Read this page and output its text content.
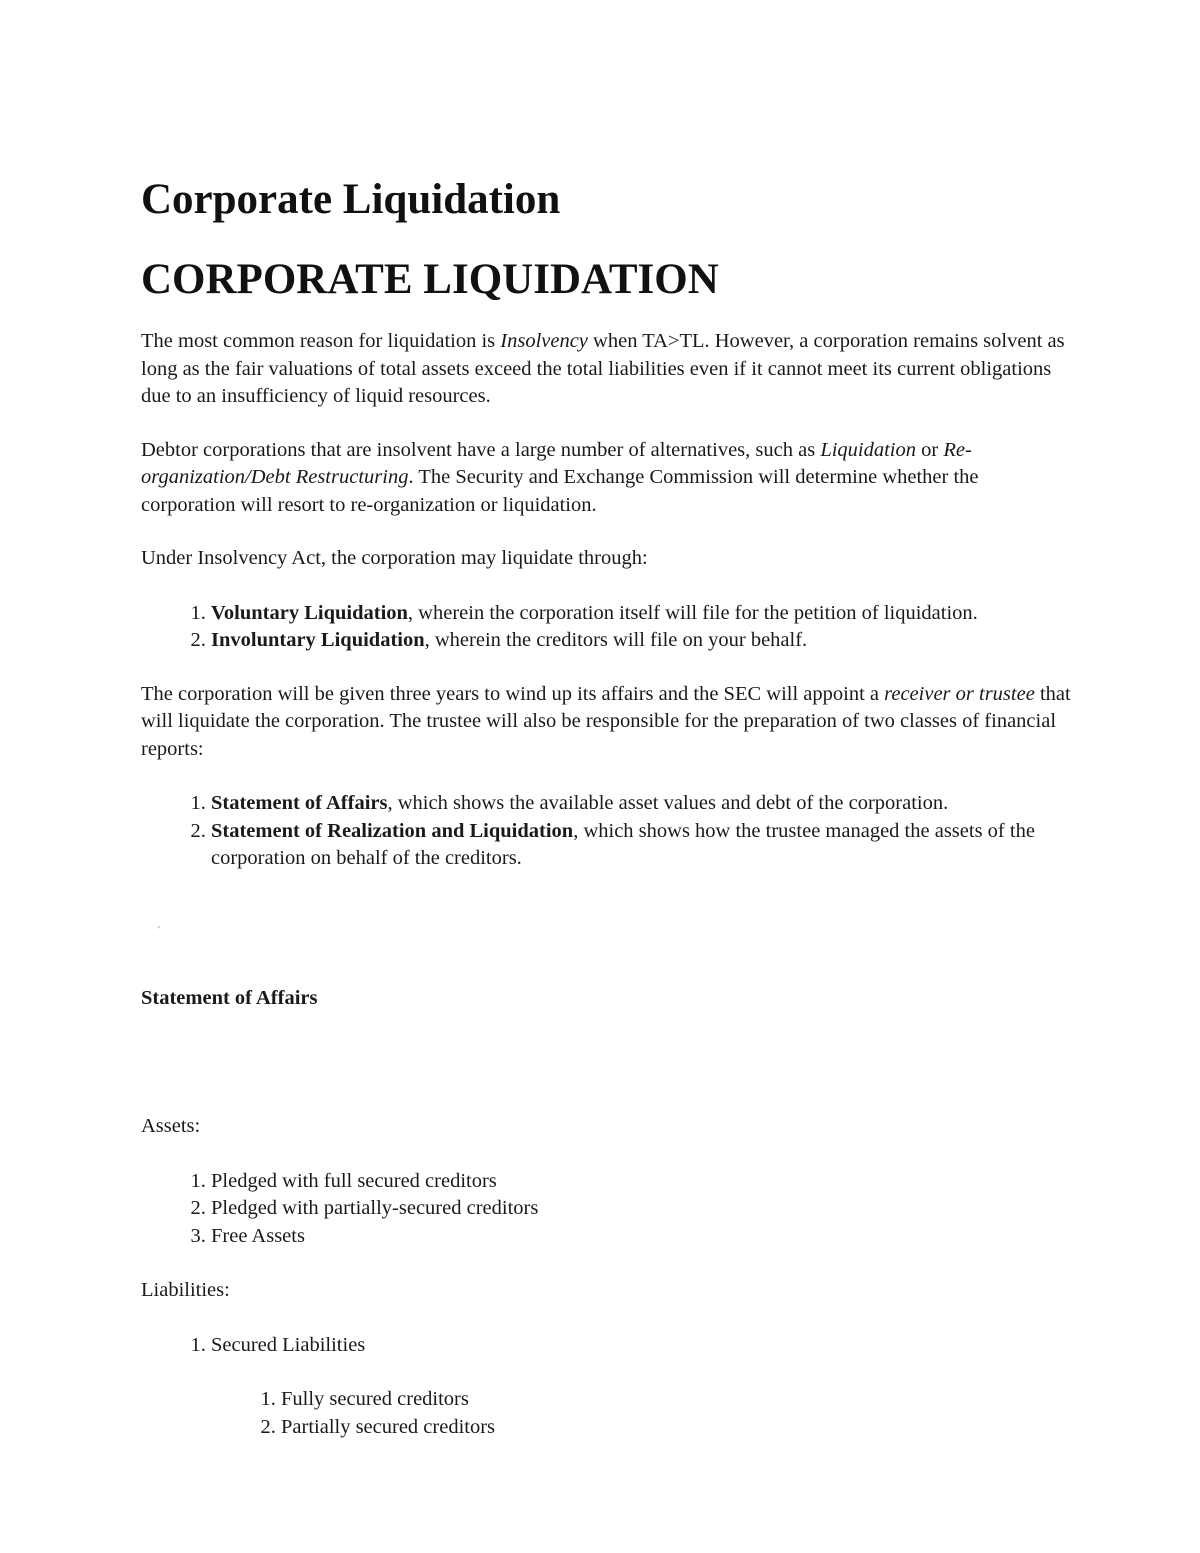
Corporate Liquidation
CORPORATE LIQUIDATION

The most common reason for liquidation is Insolvency when TA>TL. However, a corporation remains solvent as long as the fair valuations of total assets exceed the total liabilities even if it cannot meet its current obligations due to an insufficiency of liquid resources.

Debtor corporations that are insolvent have a large number of alternatives, such as Liquidation or Re-organization/Debt Restructuring. The Security and Exchange Commission will determine whether the corporation will resort to re-organization or liquidation.

Under Insolvency Act, the corporation may liquidate through:

1. Voluntary Liquidation, wherein the corporation itself will file for the petition of liquidation.
2. Involuntary Liquidation, wherein the creditors will file on your behalf.

The corporation will be given three years to wind up its affairs and the SEC will appoint a receiver or trustee that will liquidate the corporation. The trustee will also be responsible for the preparation of two classes of financial reports:

1. Statement of Affairs, which shows the available asset values and debt of the corporation.
2. Statement of Realization and Liquidation, which shows how the trustee managed the assets of the corporation on behalf of the creditors.
'
Statement of Affairs

Assets:

1. Pledged with full secured creditors
2. Pledged with partially-secured creditors
3. Free Assets

Liabilities:

1. Secured Liabilities
1. Fully secured creditors
2. Partially secured creditors
